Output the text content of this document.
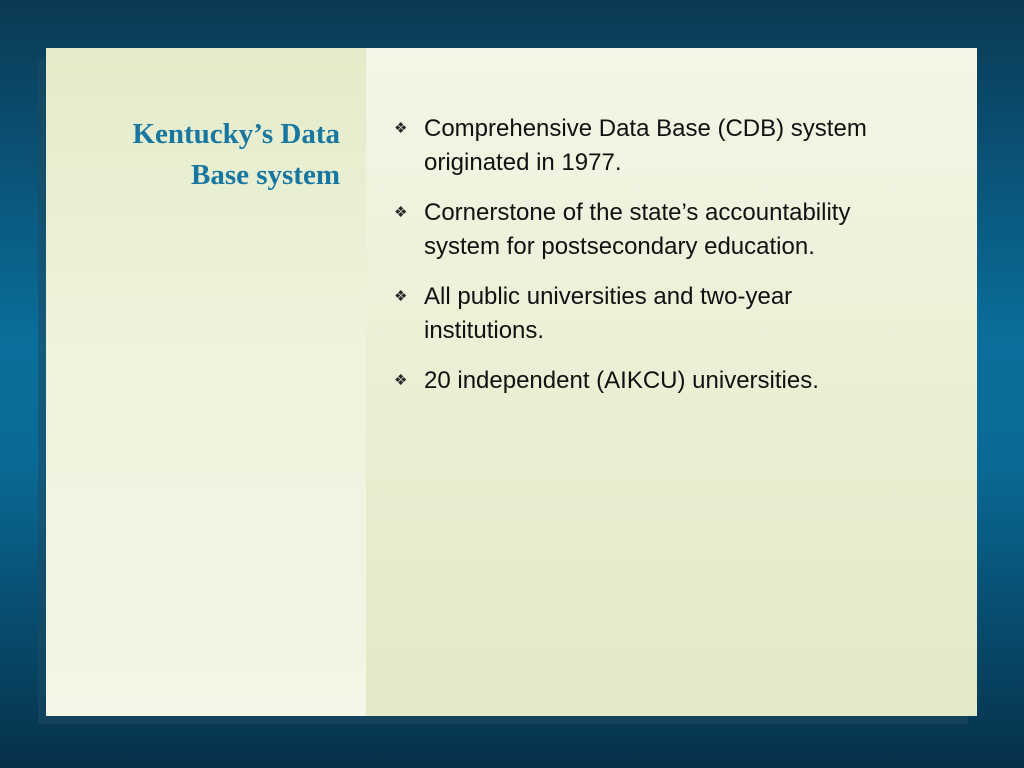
Kentucky’s Data Base system
❖ Comprehensive Data Base (CDB) system originated in 1977.
❖ Cornerstone of the state’s accountability system for postsecondary education.
❖ All public universities and two-year institutions.
❖ 20 independent (AIKCU) universities.
